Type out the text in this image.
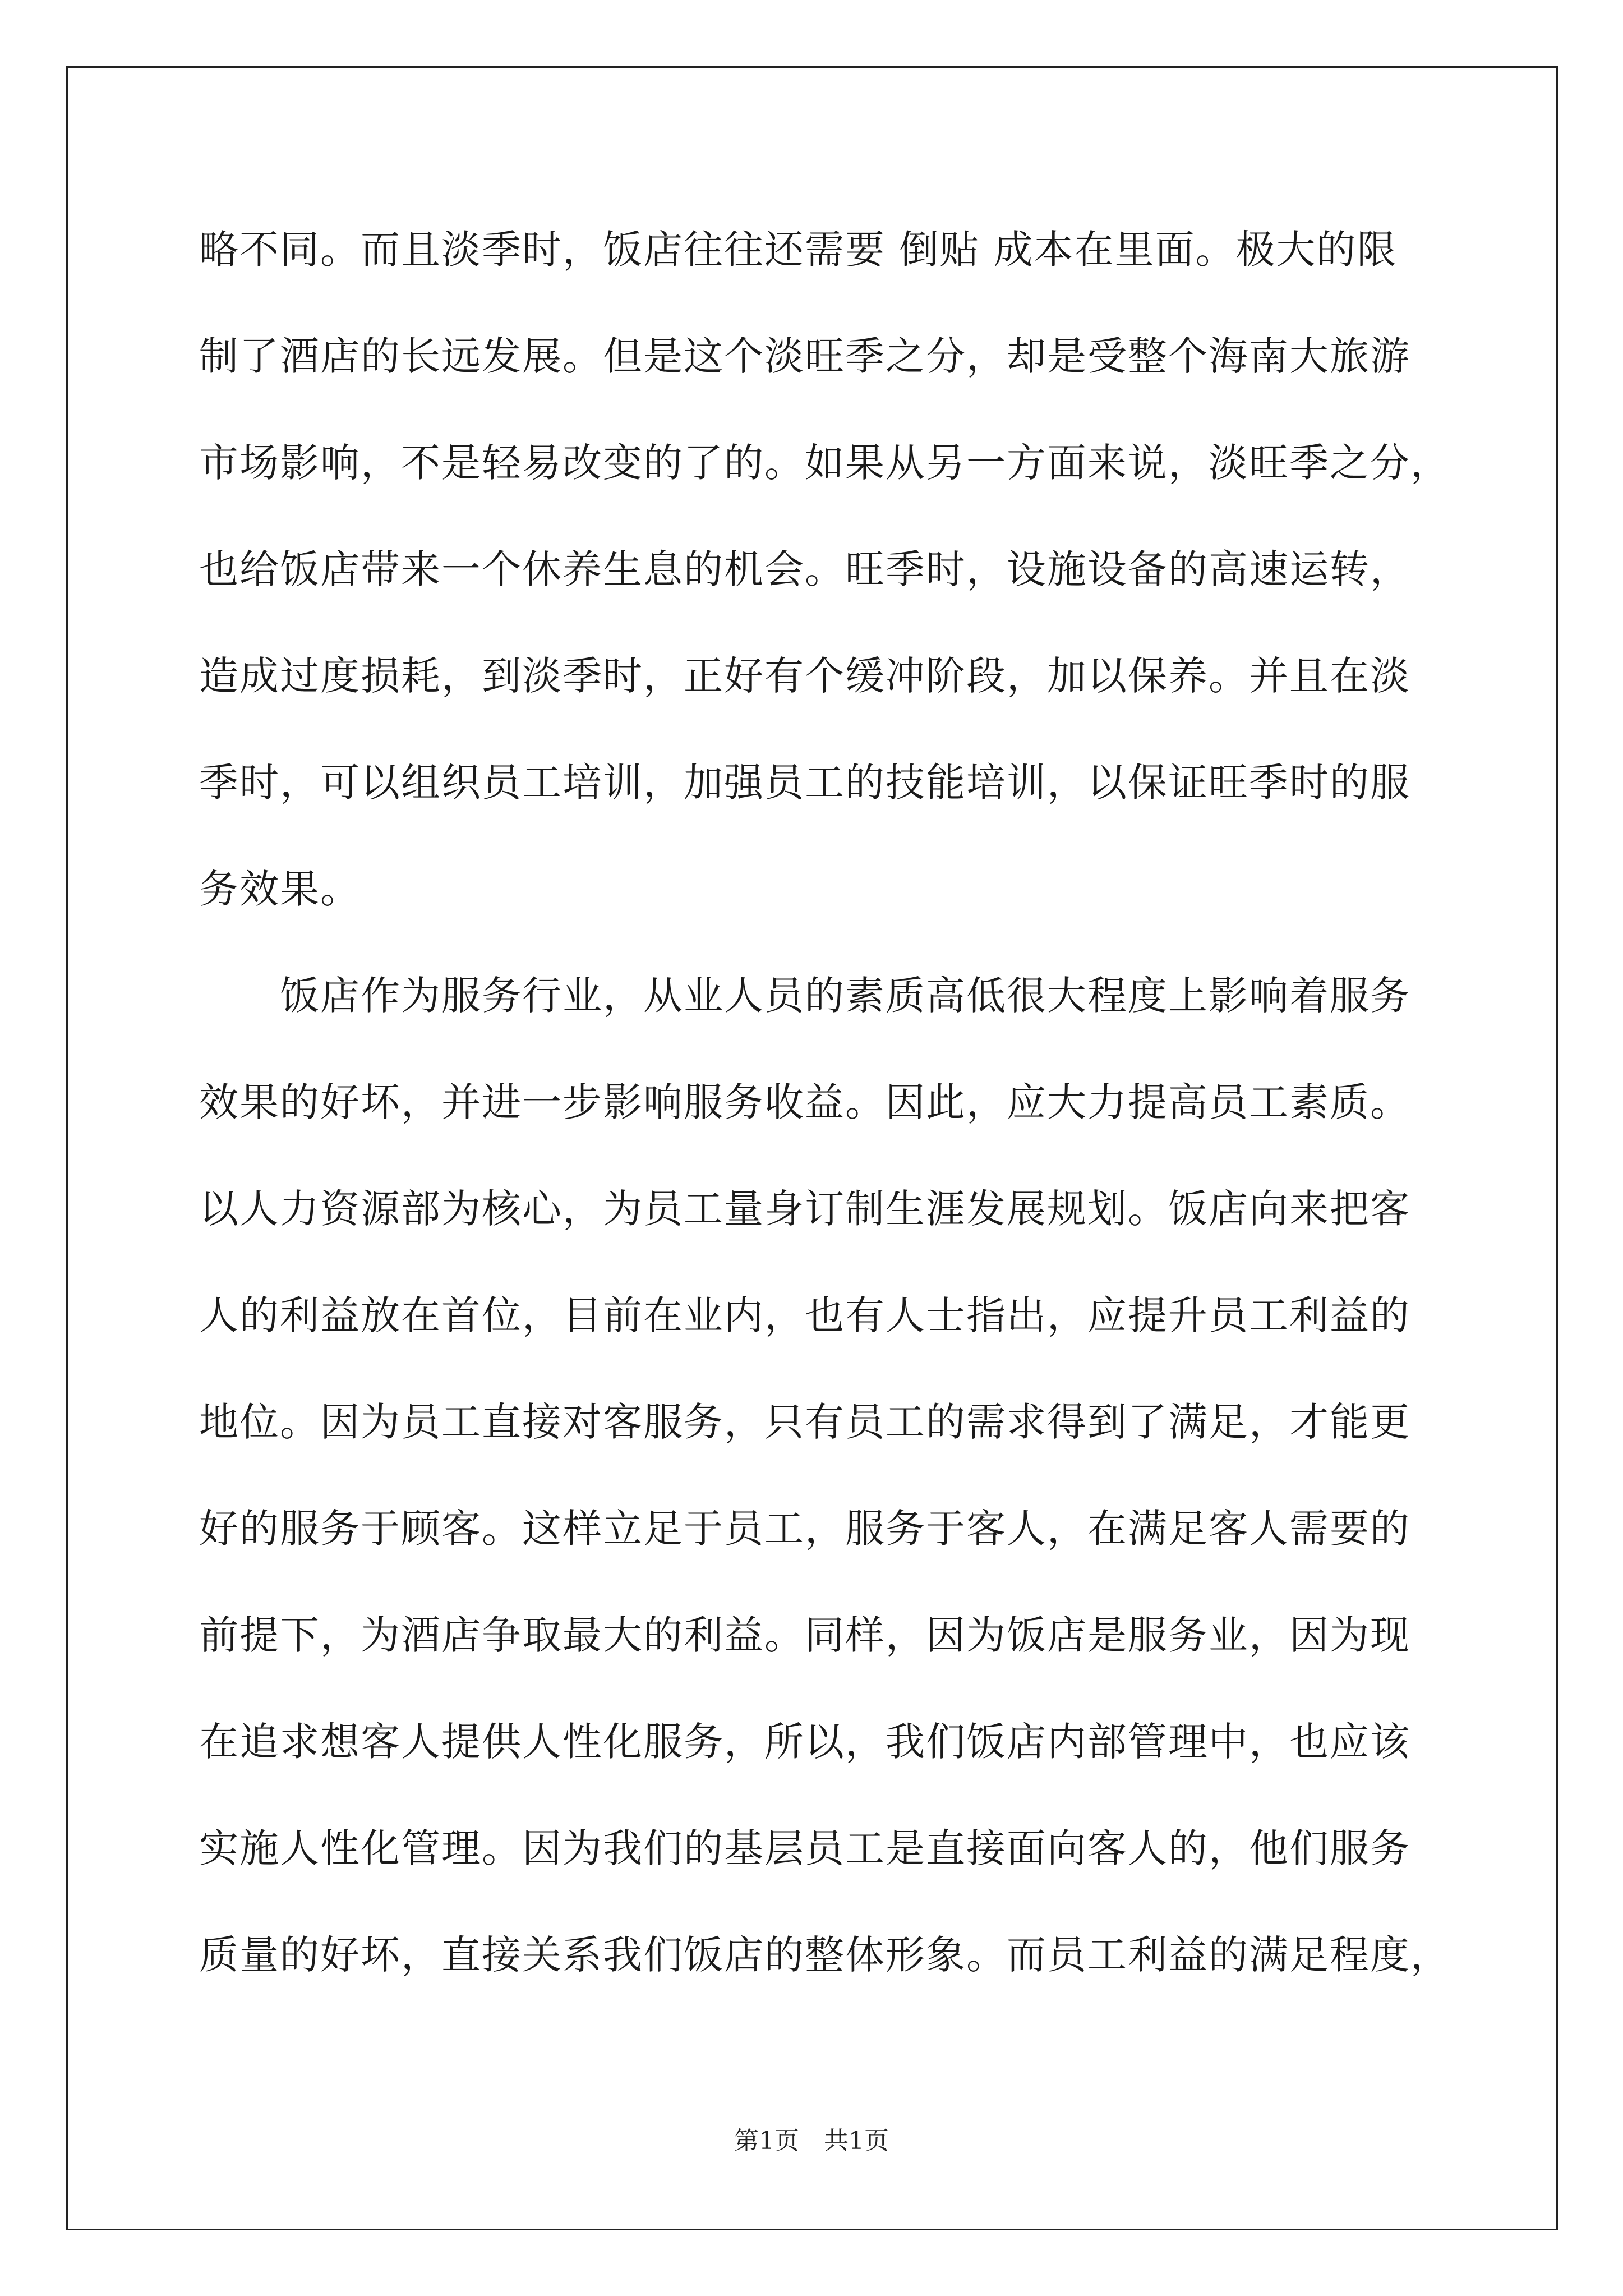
略不同。而且淡季时，饭店往往还需要 倒贴 成本在里面。极大的限
制了酒店的长远发展。但是这个淡旺季之分，却是受整个海南大旅游
市场影响，不是轻易改变的了的。如果从另一方面来说，淡旺季之分，
也给饭店带来一个休养生息的机会。旺季时，设施设备的高速运转，
造成过度损耗，到淡季时，正好有个缓冲阶段，加以保养。并且在淡
季时，可以组织员工培训，加强员工的技能培训，以保证旺季时的服
务效果。
　　饭店作为服务行业，从业人员的素质高低很大程度上影响着服务
效果的好坏，并进一步影响服务收益。因此，应大力提高员工素质。
以人力资源部为核心，为员工量身订制生涯发展规划。饭店向来把客
人的利益放在首位，目前在业内，也有人士指出，应提升员工利益的
地位。因为员工直接对客服务，只有员工的需求得到了满足，才能更
好的服务于顾客。这样立足于员工，服务于客人，在满足客人需要的
前提下，为酒店争取最大的利益。同样，因为饭店是服务业，因为现
在追求想客人提供人性化服务，所以，我们饭店内部管理中，也应该
实施人性化管理。因为我们的基层员工是直接面向客人的，他们服务
质量的好坏，直接关系我们饭店的整体形象。而员工利益的满足程度，
第1页　共1页
